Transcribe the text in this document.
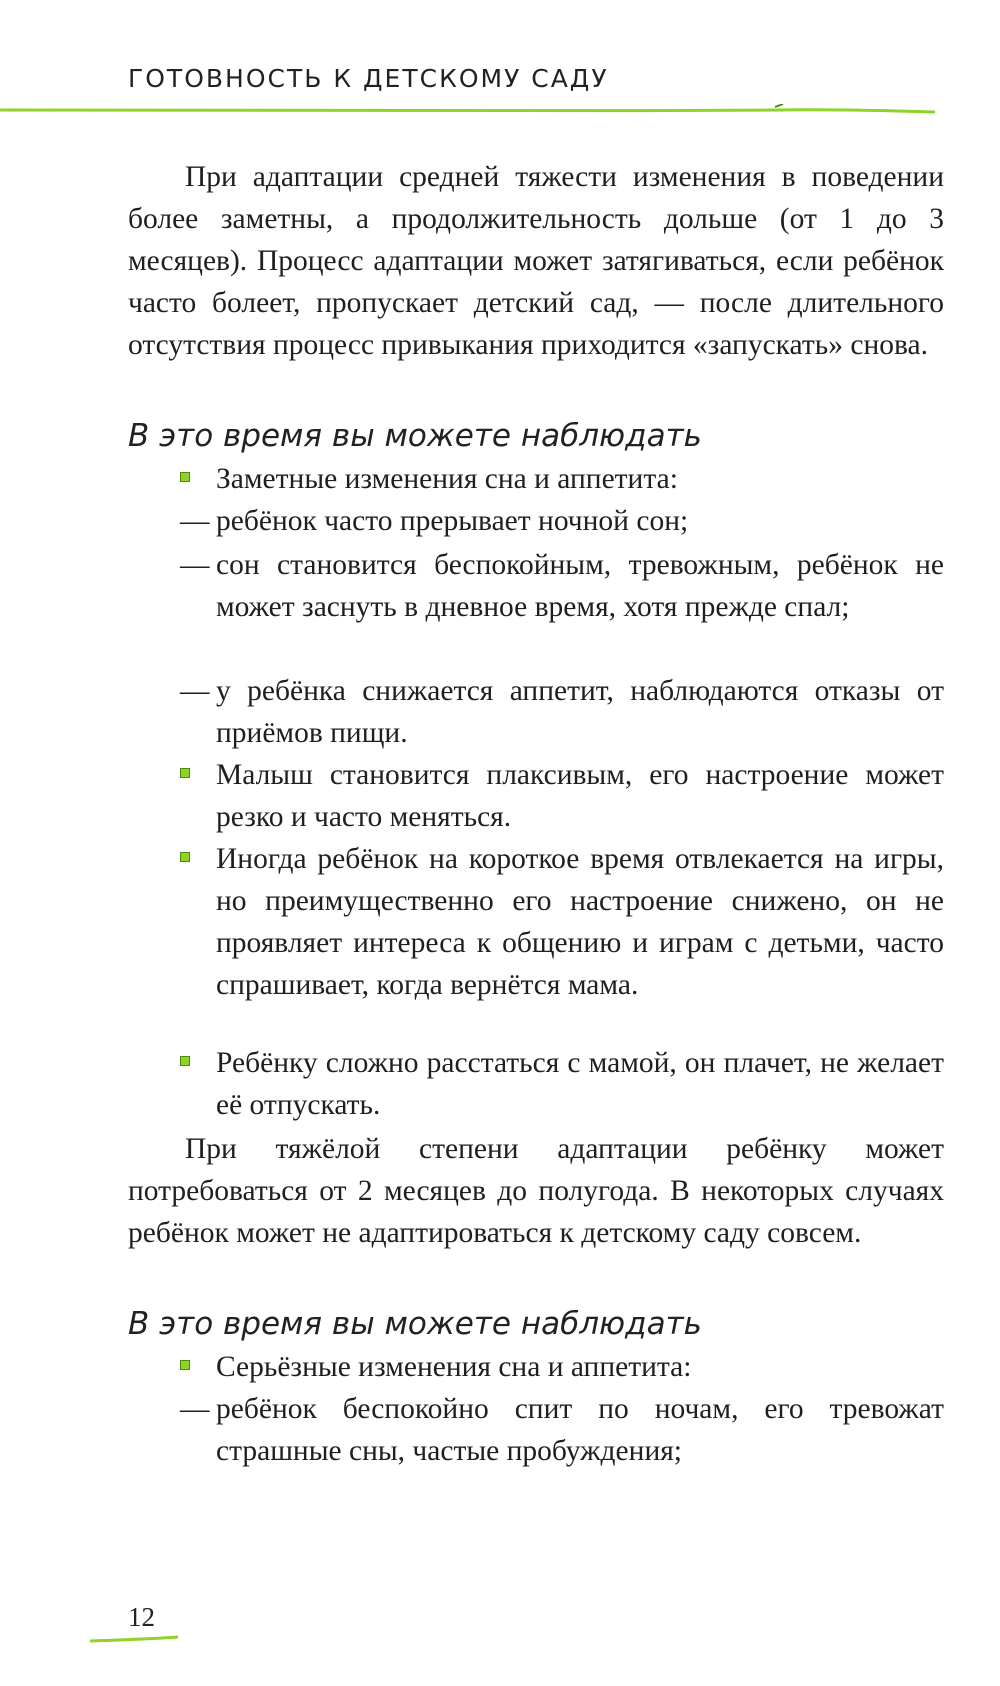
ГОТОВНОСТЬ К ДЕТСКОМУ САДУ

При адаптации средней тяжести изменения в поведении более заметны, а продолжительность дольше (от 1 до 3 месяцев). Процесс адаптации может затягиваться, если ребёнок часто болеет, пропускает детский сад, — после длительного отсутствия процесс привыкания приходится «запускать» снова.

В это время вы можете наблюдать

Заметные изменения сна и аппетита:

— ребёнок часто прерывает ночной сон;

— сон становится беспокойным, тревожным, ребёнок не может заснуть в дневное время, хотя прежде спал;

— у ребёнка снижается аппетит, наблюдаются отказы от приёмов пищи.

Малыш становится плаксивым, его настроение может резко и часто меняться.

Иногда ребёнок на короткое время отвлекается на игры, но преимущественно его настроение снижено, он не проявляет интереса к общению и играм с детьми, часто спрашивает, когда вернётся мама.

Ребёнку сложно расстаться с мамой, он плачет, не желает её отпускать.

При тяжёлой степени адаптации ребёнку может потребоваться от 2 месяцев до полугода. В некоторых случаях ребёнок может не адаптироваться к детскому саду совсем.

В это время вы можете наблюдать

Серьёзные изменения сна и аппетита:

— ребёнок беспокойно спит по ночам, его тревожат страшные сны, частые пробуждения;

12
